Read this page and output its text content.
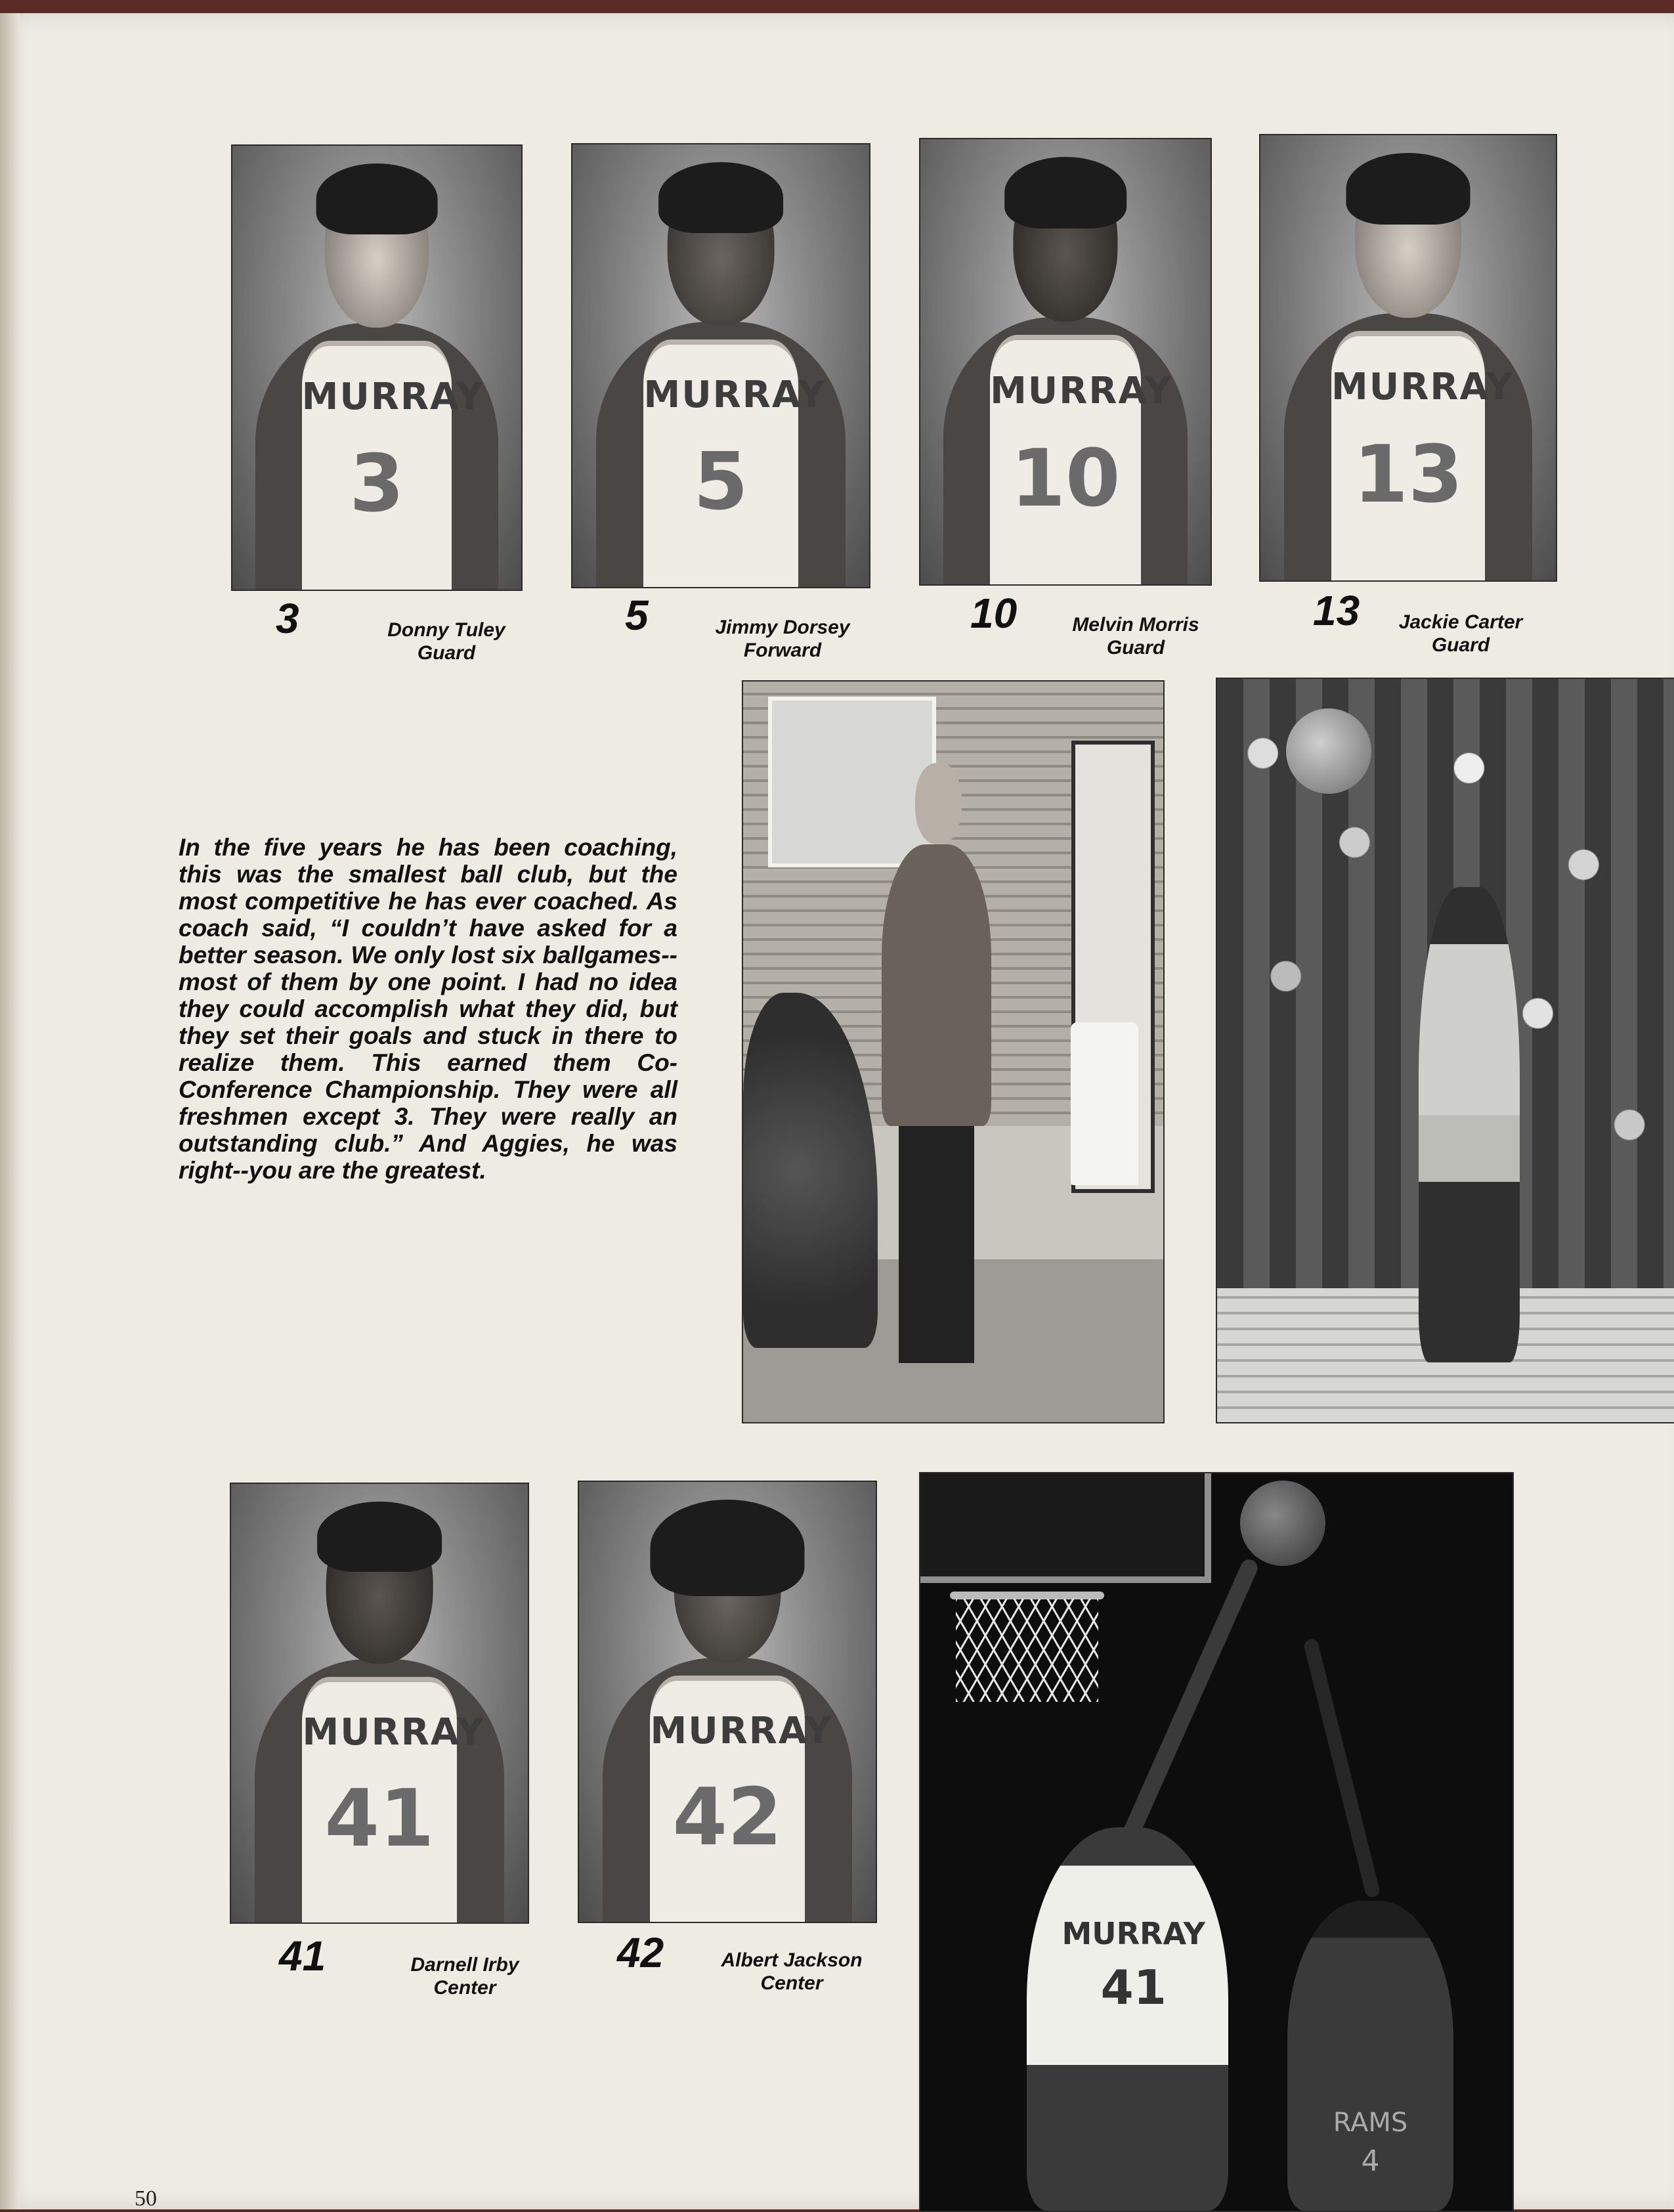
MURRAY
3
MURRAY
5
MURRAY
10
MURRAY
13
3	Donny Tuley
Guard
5	Jimmy Dorsey
Forward
10	Melvin Morris
Guard
13	Jackie Carter
Guard
In the five years he has been coaching, this was the smallest ball club, but the most competitive he has ever coached. As coach said, “I couldn’t have asked for a better season. We only lost six ballgames--most of them by one point. I had no idea they could accomplish what they did, but they set their goals and stuck in there to realize them. This earned them Co-Conference Championship. They were all freshmen except 3. They were really an outstanding club.” And Aggies, he was right--you are the greatest.
MURRAY
41
MURRAY
42
41	Darnell Irby
Center
42	Albert Jackson
Center
MURRAY
41
RAMS
4
50
